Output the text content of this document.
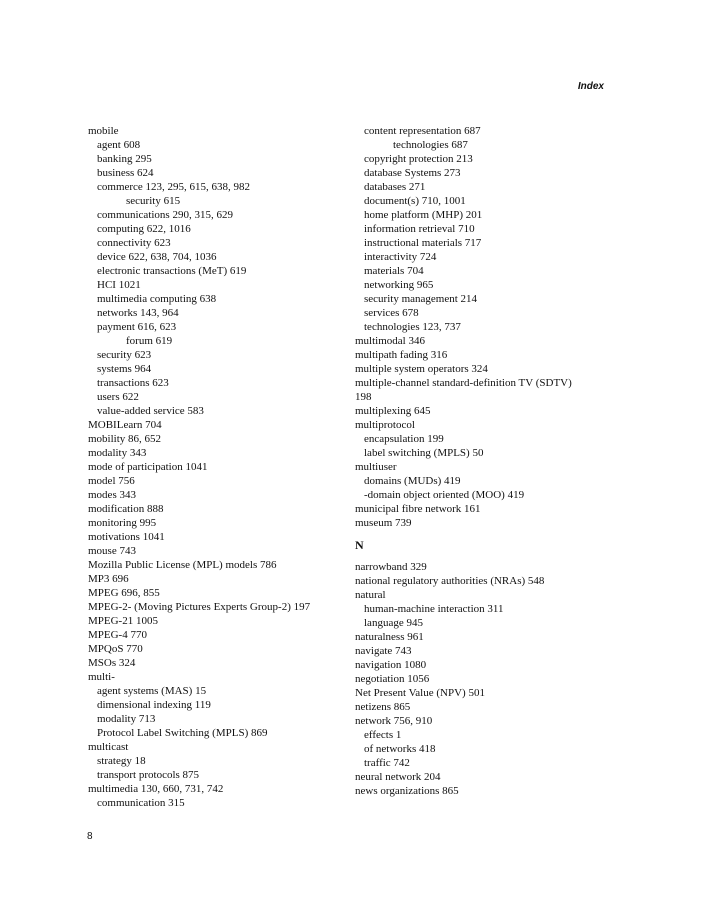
Index
mobile
agent 608
banking 295
business 624
commerce 123, 295, 615, 638, 982
security 615
communications 290, 315, 629
computing 622, 1016
connectivity 623
device 622, 638, 704, 1036
electronic transactions (MeT) 619
HCI 1021
multimedia computing 638
networks 143, 964
payment 616, 623
forum 619
security 623
systems 964
transactions 623
users 622
value-added service 583
MOBILearn 704
mobility 86, 652
modality 343
mode of participation 1041
model 756
modes 343
modification 888
monitoring 995
motivations 1041
mouse 743
Mozilla Public License (MPL) models 786
MP3 696
MPEG 696, 855
MPEG-2- (Moving Pictures Experts Group-2) 197
MPEG-21 1005
MPEG-4 770
MPQoS 770
MSOs 324
multi-
agent systems (MAS) 15
dimensional indexing 119
modality 713
Protocol Label Switching (MPLS) 869
multicast
strategy 18
transport protocols 875
multimedia 130, 660, 731, 742
communication 315
content representation 687
technologies 687
copyright protection 213
database Systems 273
databases 271
document(s) 710, 1001
home platform (MHP) 201
information retrieval 710
instructional materials 717
interactivity 724
materials 704
networking 965
security management 214
services 678
technologies 123, 737
multimodal 346
multipath fading 316
multiple system operators 324
multiple-channel standard-definition TV (SDTV)
198
multiplexing 645
multiprotocol
encapsulation 199
label switching (MPLS) 50
multiuser
domains (MUDs) 419
-domain object oriented (MOO) 419
municipal fibre network 161
museum 739
N
narrowband 329
national regulatory authorities (NRAs) 548
natural
human-machine interaction 311
language 945
naturalness 961
navigate 743
navigation 1080
negotiation 1056
Net Present Value (NPV) 501
netizens 865
network 756, 910
effects 1
of networks 418
traffic 742
neural network 204
news organizations 865
8
